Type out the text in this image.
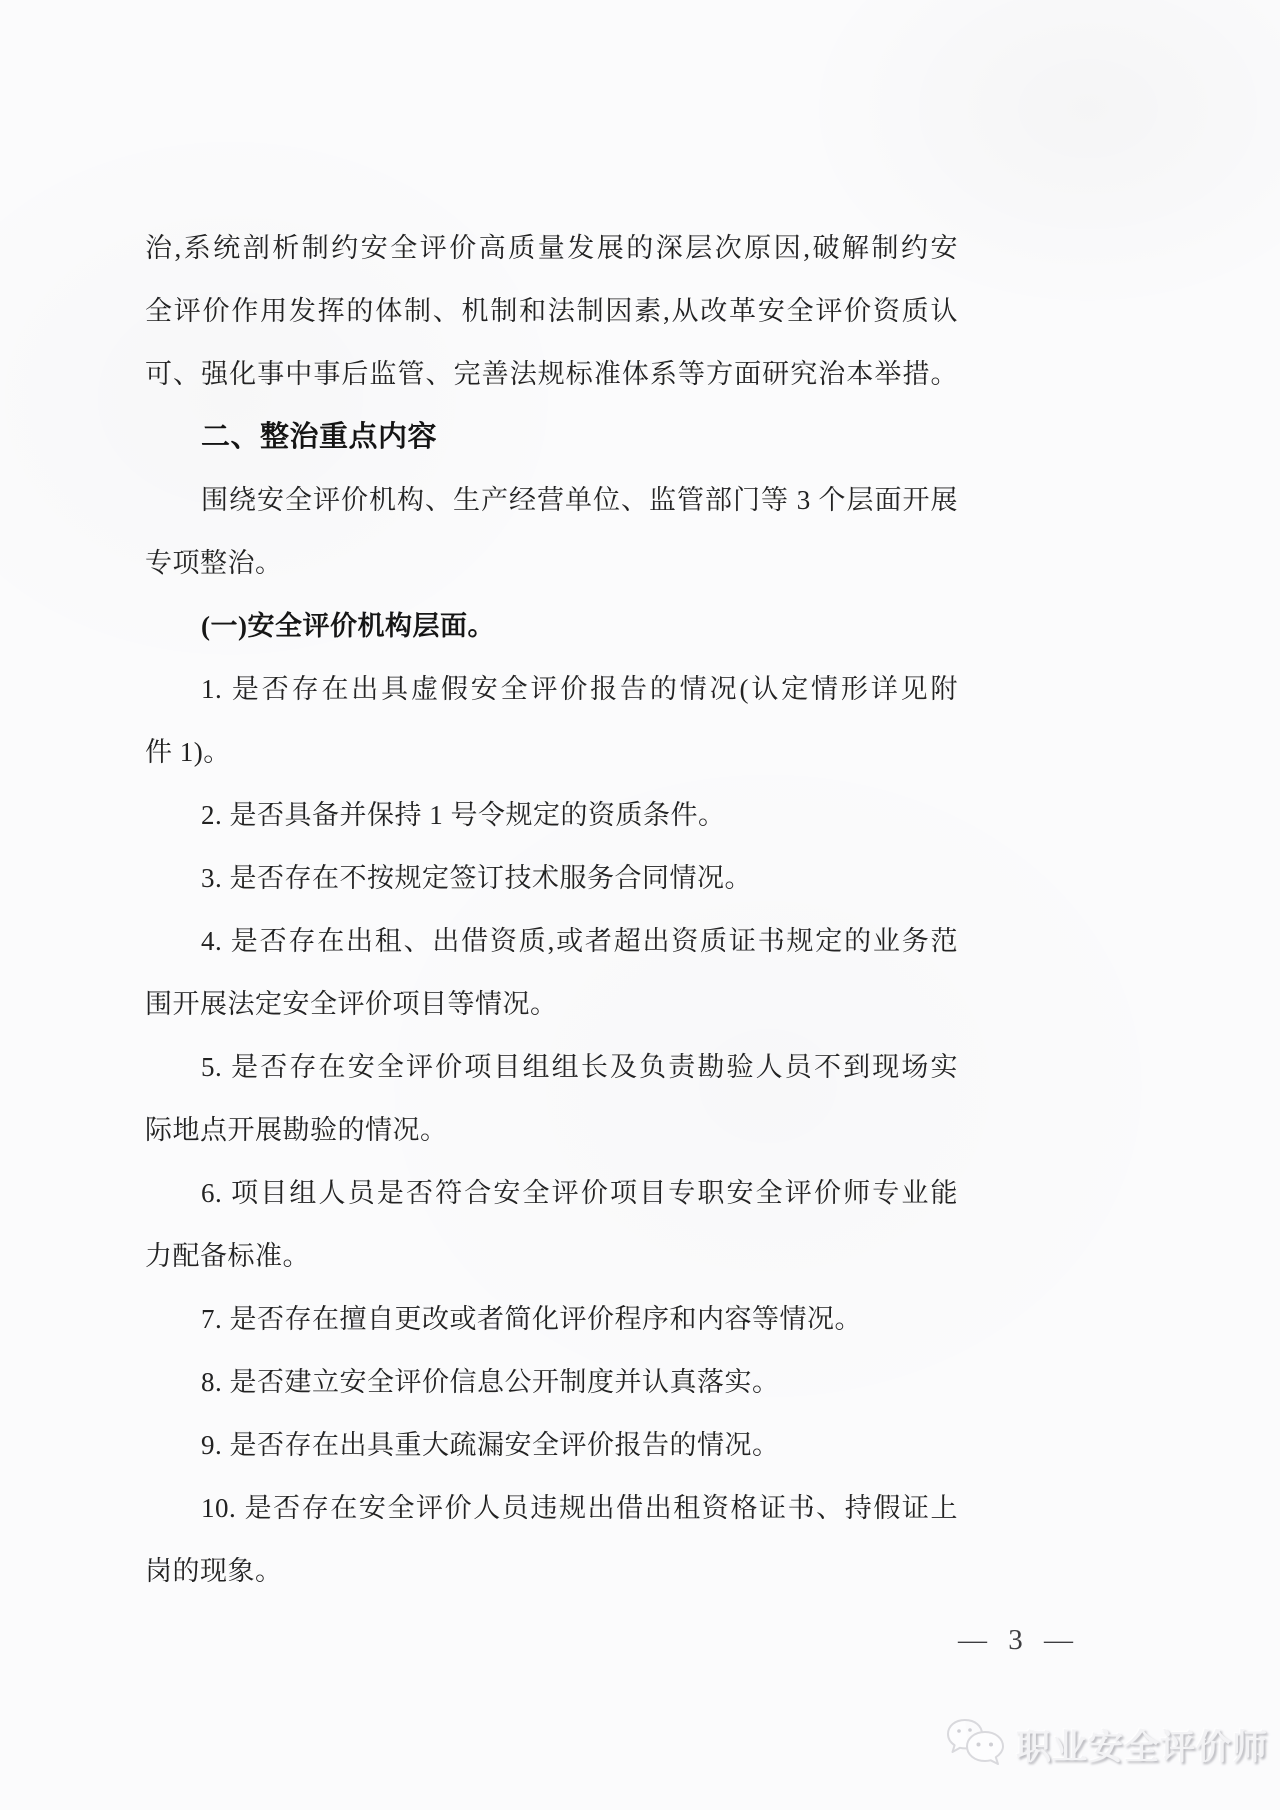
治,系统剖析制约安全评价高质量发展的深层次原因,破解制约安
全评价作用发挥的体制、机制和法制因素,从改革安全评价资质认
可、强化事中事后监管、完善法规标准体系等方面研究治本举措。
二、整治重点内容
围绕安全评价机构、生产经营单位、监管部门等 3 个层面开展
专项整治。
(一)安全评价机构层面。
1. 是否存在出具虚假安全评价报告的情况(认定情形详见附
件 1)。
2. 是否具备并保持 1 号令规定的资质条件。
3. 是否存在不按规定签订技术服务合同情况。
4. 是否存在出租、出借资质,或者超出资质证书规定的业务范
围开展法定安全评价项目等情况。
5. 是否存在安全评价项目组组长及负责勘验人员不到现场实
际地点开展勘验的情况。
6. 项目组人员是否符合安全评价项目专职安全评价师专业能
力配备标准。
7. 是否存在擅自更改或者简化评价程序和内容等情况。
8. 是否建立安全评价信息公开制度并认真落实。
9. 是否存在出具重大疏漏安全评价报告的情况。
10. 是否存在安全评价人员违规出借出租资格证书、持假证上
岗的现象。
— 3 —
职业安全评价师
